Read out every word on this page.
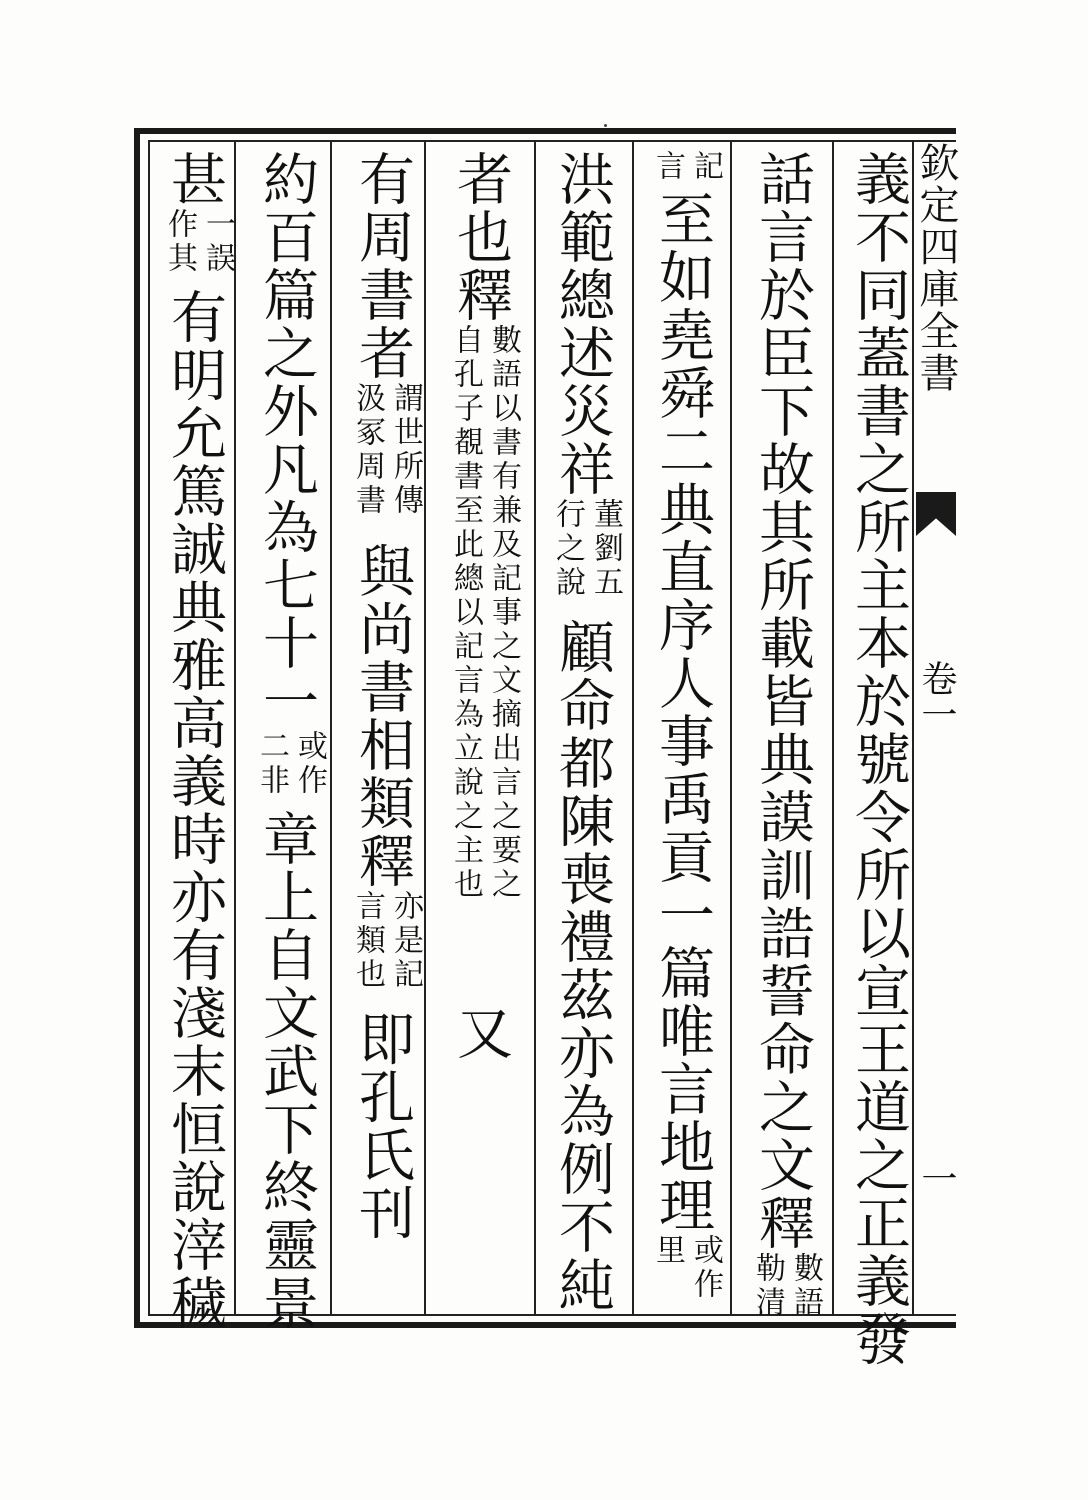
欽定四庫全書
卷一
一
義不同蓋書之所主本於號令所以宣王道之正義發
話言於臣下故其所載皆典謨訓誥誓命之文釋
數語
勒清
記
言
至如堯舜二典直序人事禹貢一篇唯言地理
或作
里
洪範總述災祥
董劉五
行之說
顧命都陳喪禮茲亦為例不純
者也釋
數語以書有兼及記事之文摘出言之要之
自孔子覩書至此總以記言為立說之主也
又
有周書者
謂世所傳
汲冢周書
與尚書相類釋
亦是記
言類也
即孔氏刊
約百篇之外凡為七十一
或作
二非
章上自文武下終靈景
甚
一誤
作其
有明允篤誠典雅高義時亦有淺末恒說滓穢
